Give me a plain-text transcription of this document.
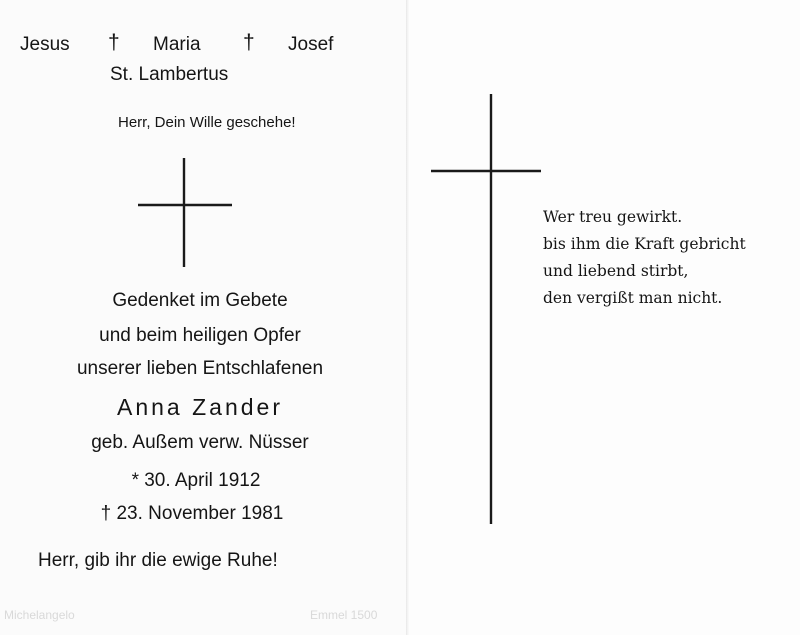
Jesus † Maria † Josef
St. Lambertus
Herr, Dein Wille geschehe!
Gedenket im Gebete
und beim heiligen Opfer
unserer lieben Entschlafenen
Anna Zander
geb. Außem verw. Nüsser
* 30. April 1912
† 23. November 1981
Herr, gib ihr die ewige Ruhe!
Michelangelo	Emmel 1500
Wer treu gewirkt.
bis ihm die Kraft gebricht
und liebend stirbt,
den vergißt man nicht.
